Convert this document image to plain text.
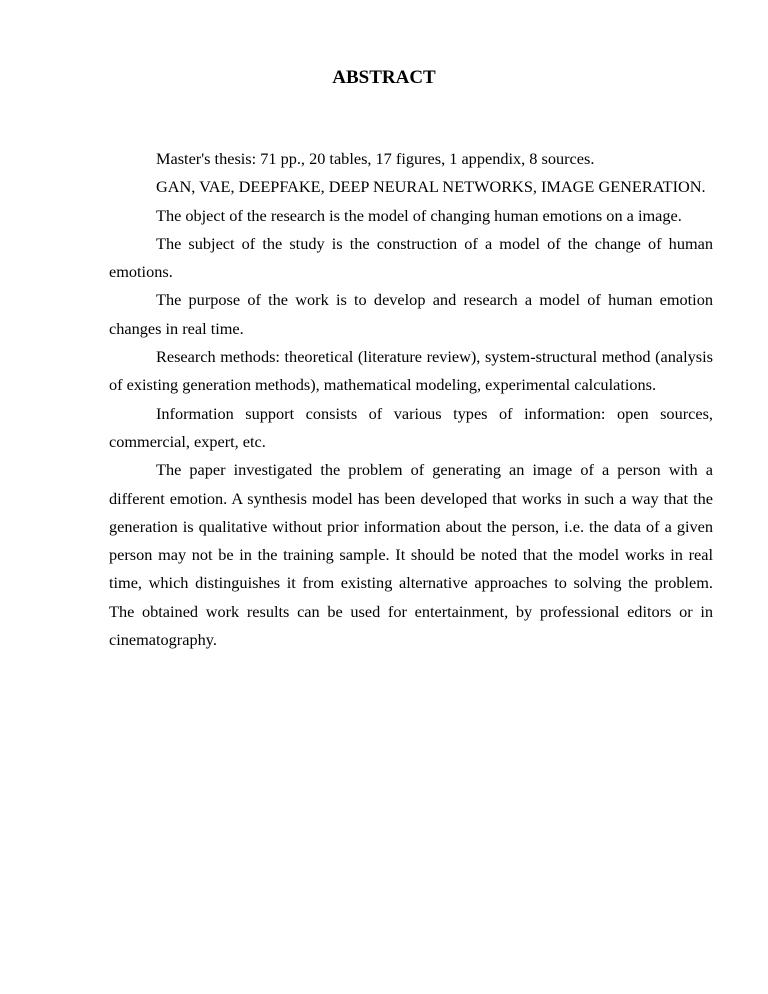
ABSTRACT

Master's thesis: 71 pp., 20 tables, 17 figures, 1 appendix, 8 sources.

GAN, VAE, DEEPFAKE, DEEP NEURAL NETWORKS, IMAGE GENERATION.

The object of the research is the model of changing human emotions on a image.

The subject of the study is the construction of a model of the change of human emotions.

The purpose of the work is to develop and research a model of human emotion changes in real time.

Research methods: theoretical (literature review), system-structural method (analysis of existing generation methods), mathematical modeling, experimental calculations.

Information support consists of various types of information: open sources, commercial, expert, etc.

The paper investigated the problem of generating an image of a person with a different emotion. A synthesis model has been developed that works in such a way that the generation is qualitative without prior information about the person, i.e. the data of a given person may not be in the training sample. It should be noted that the model works in real time, which distinguishes it from existing alternative approaches to solving the problem. The obtained work results can be used for entertainment, by professional editors or in cinematography.
